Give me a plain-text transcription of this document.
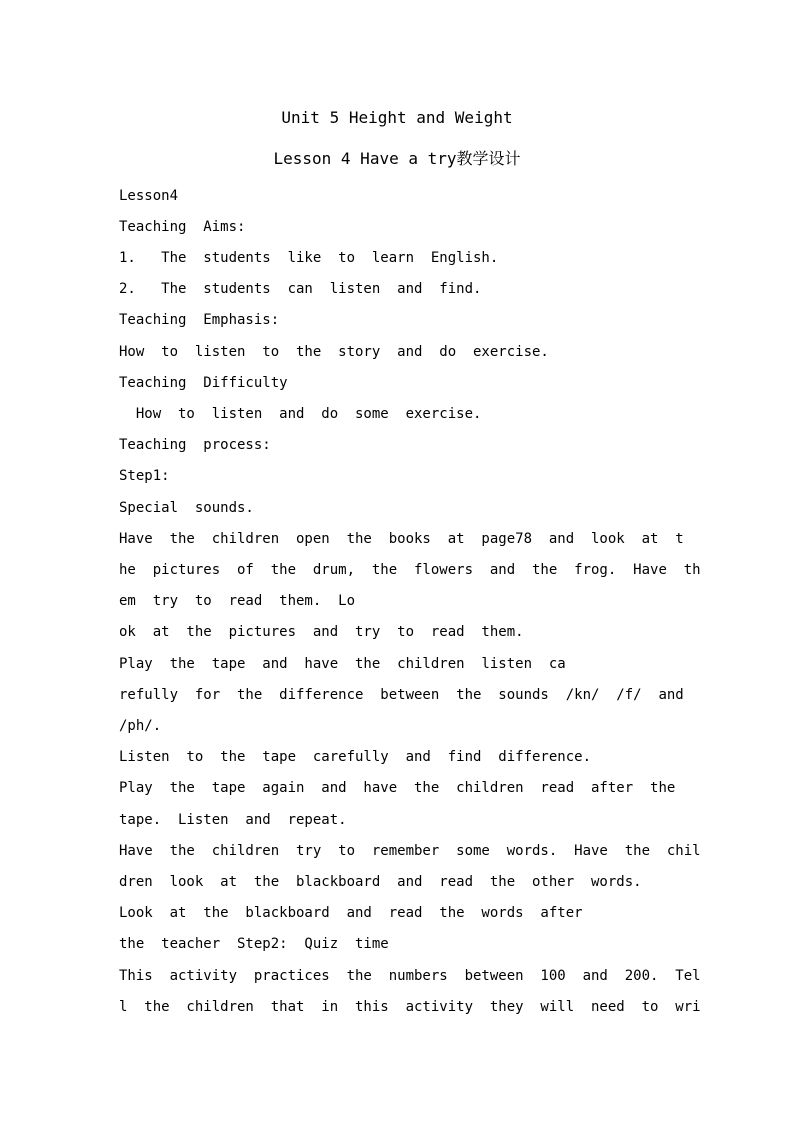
Unit 5 Height and Weight
Lesson 4 Have a try教学设计
Lesson4
Teaching  Aims:
1.   The  students  like  to  learn  English.
2.   The  students  can  listen  and  find.
Teaching  Emphasis:
How  to  listen  to  the  story  and  do  exercise.
Teaching  Difficulty
How  to  listen  and  do  some  exercise.
Teaching  process:
Step1:
Special  sounds.
Have  the  children  open  the  books  at  page78  and  look  at  t
he  pictures  of  the  drum,  the  flowers  and  the  frog.  Have  th
em  try  to  read  them.  Lo
ok  at  the  pictures  and  try  to  read  them.
Play  the  tape  and  have  the  children  listen  ca
refully  for  the  difference  between  the  sounds  /kn/  /f/  and
/ph/.
Listen  to  the  tape  carefully  and  find  difference.
Play  the  tape  again  and  have  the  children  read  after  the
tape.  Listen  and  repeat.
Have  the  children  try  to  remember  some  words.  Have  the  chil
dren  look  at  the  blackboard  and  read  the  other  words.
Look  at  the  blackboard  and  read  the  words  after
the  teacher  Step2:  Quiz  time
This  activity  practices  the  numbers  between  100  and  200.  Tel
l  the  children  that  in  this  activity  they  will  need  to  wri
